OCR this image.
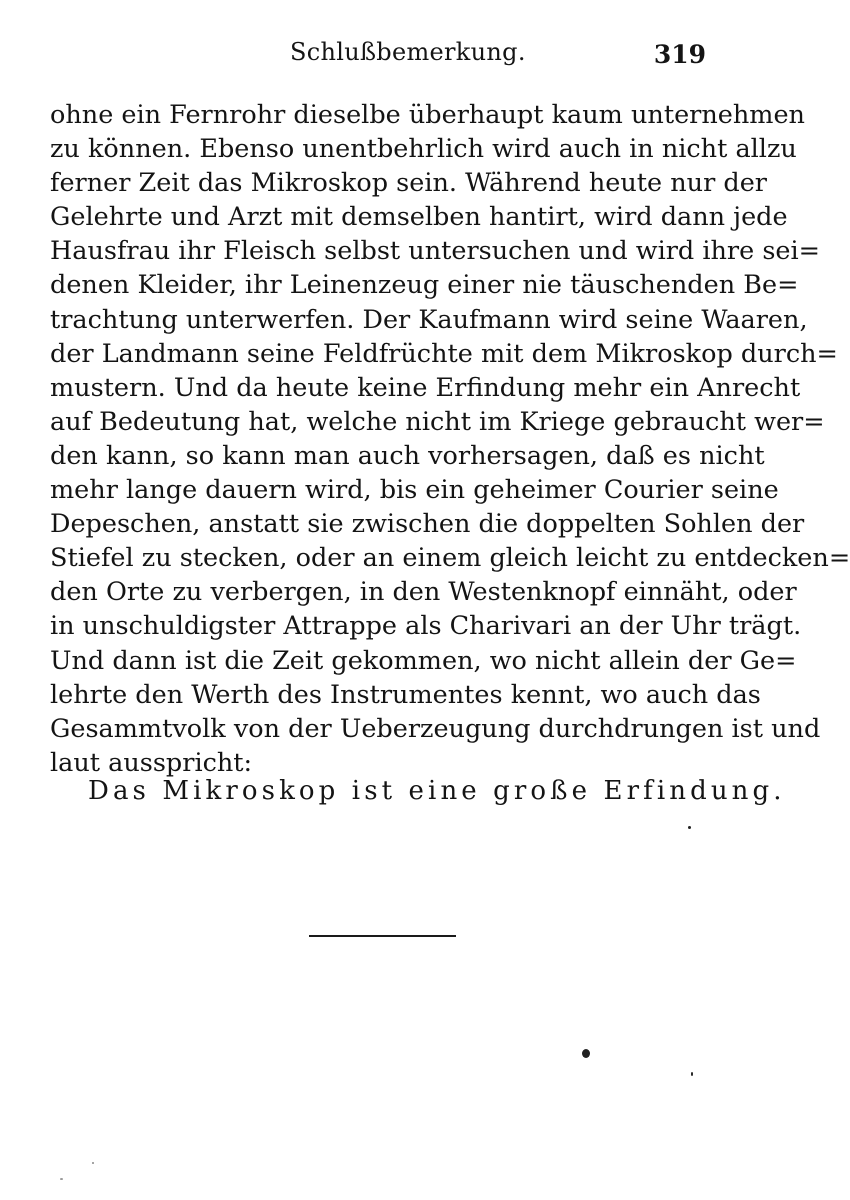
Schlußbemerkung.	319
ohne ein Fernrohr dieselbe überhaupt kaum unternehmen
zu können. Ebenso unentbehrlich wird auch in nicht allzu
ferner Zeit das Mikroskop sein. Während heute nur der
Gelehrte und Arzt mit demselben hantirt, wird dann jede
Hausfrau ihr Fleisch selbst untersuchen und wird ihre sei=
denen Kleider, ihr Leinenzeug einer nie täuschenden Be=
trachtung unterwerfen. Der Kaufmann wird seine Waaren,
der Landmann seine Feldfrüchte mit dem Mikroskop durch=
mustern. Und da heute keine Erfindung mehr ein Anrecht
auf Bedeutung hat, welche nicht im Kriege gebraucht wer=
den kann, so kann man auch vorhersagen, daß es nicht
mehr lange dauern wird, bis ein geheimer Courier seine
Depeschen, anstatt sie zwischen die doppelten Sohlen der
Stiefel zu stecken, oder an einem gleich leicht zu entdecken=
den Orte zu verbergen, in den Westenknopf einnäht, oder
in unschuldigster Attrappe als Charivari an der Uhr trägt.
Und dann ist die Zeit gekommen, wo nicht allein der Ge=
lehrte den Werth des Instrumentes kennt, wo auch das
Gesammtvolk von der Ueberzeugung durchdrungen ist und
laut ausspricht:
Das Mikroskop ist eine große Erfindung.
